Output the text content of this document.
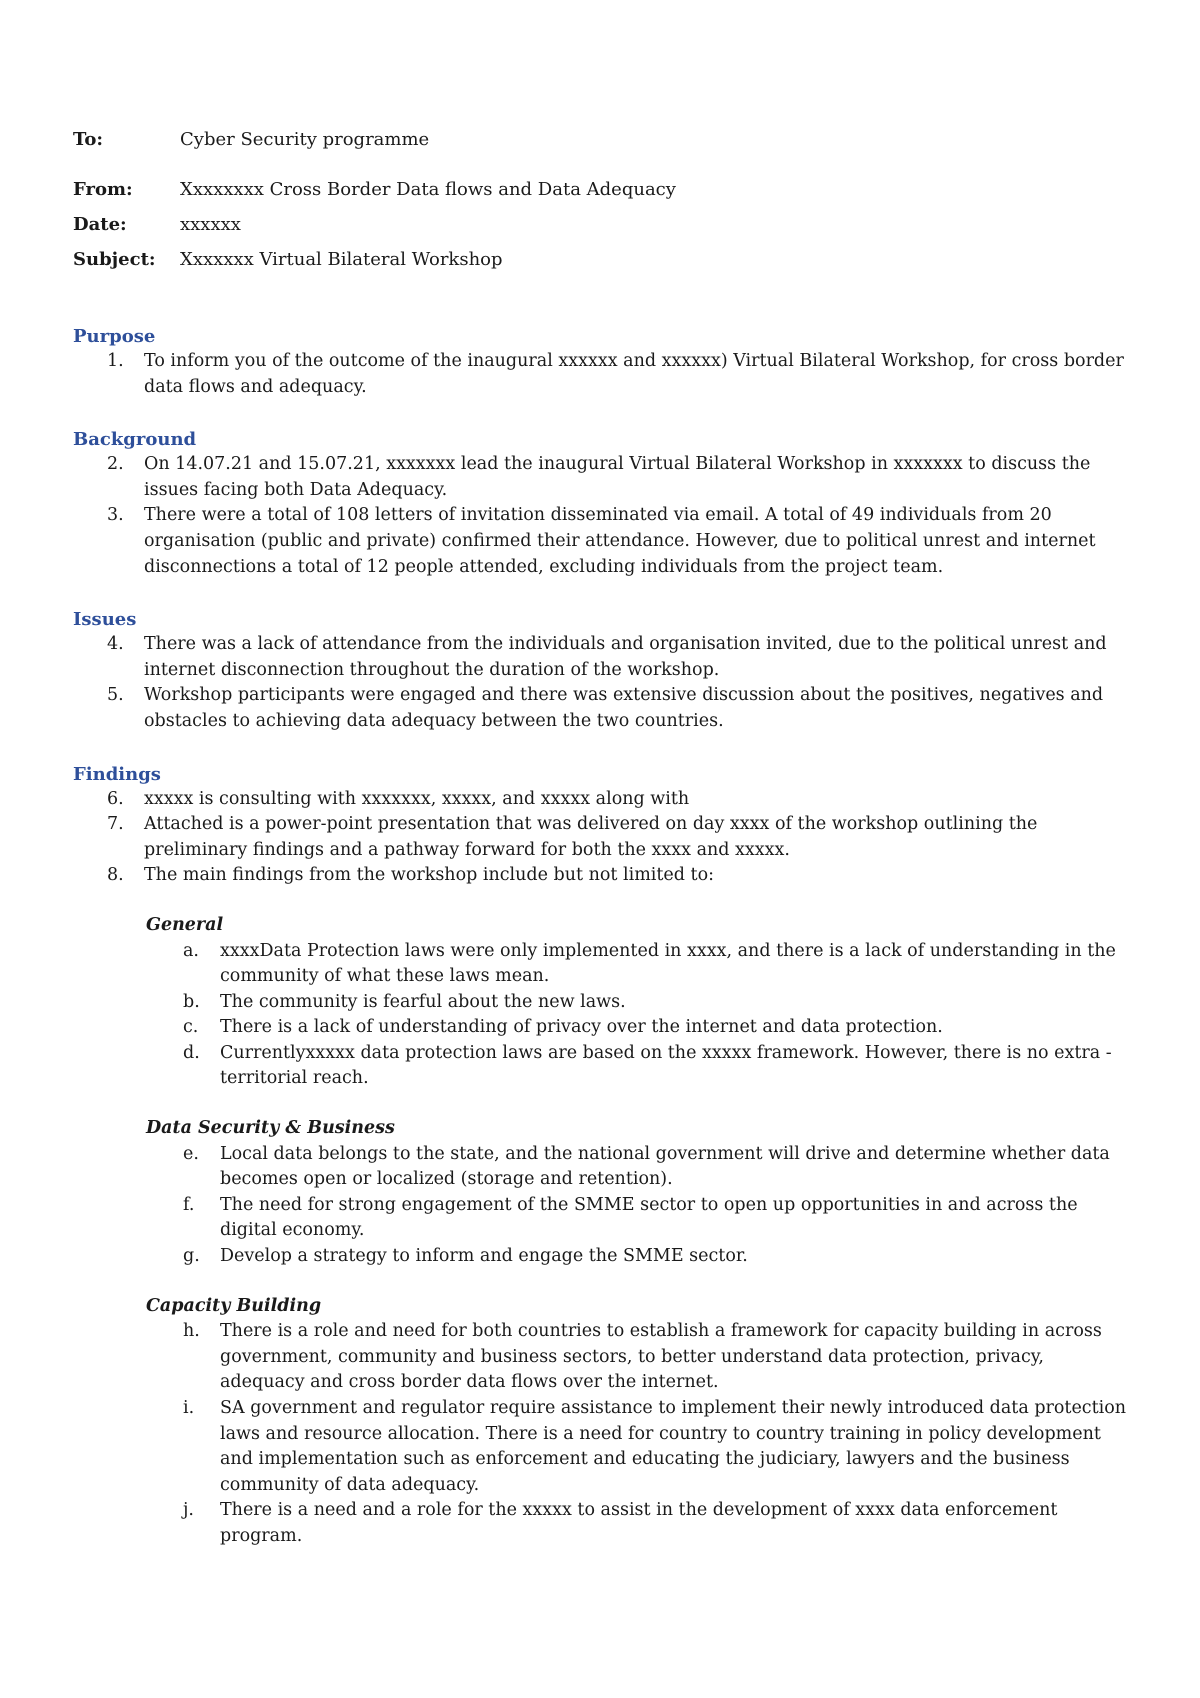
To:	Cyber Security programme
From:	Xxxxxxxx Cross Border Data flows and Data Adequacy
Date:	xxxxxx
Subject:	Xxxxxxx Virtual Bilateral Workshop
Purpose
1.	To inform you of the outcome of the inaugural xxxxxx and xxxxxx) Virtual Bilateral Workshop, for cross border data flows and adequacy.
Background
2.	On 14.07.21 and 15.07.21, xxxxxxx lead the inaugural Virtual Bilateral Workshop in xxxxxxx to discuss the issues facing both Data Adequacy.
3.	There were a total of 108 letters of invitation disseminated via email. A total of 49 individuals from 20 organisation (public and private) confirmed their attendance. However, due to political unrest and internet disconnections a total of 12 people attended, excluding individuals from the project team.
Issues
4.	There was a lack of attendance from the individuals and organisation invited, due to the political unrest and internet disconnection throughout the duration of the workshop.
5.	Workshop participants were engaged and there was extensive discussion about the positives, negatives and obstacles to achieving data adequacy between the two countries.
Findings
6.	xxxxx is consulting with xxxxxxx, xxxxx, and xxxxx along with
7.	Attached is a power-point presentation that was delivered on day xxxx of the workshop outlining the preliminary findings and a pathway forward for both the xxxx and xxxxx.
8.	The main findings from the workshop include but not limited to:
General
a.	xxxxData Protection laws were only implemented in xxxx, and there is a lack of understanding in the community of what these laws mean.
b.	The community is fearful about the new laws.
c.	There is a lack of understanding of privacy over the internet and data protection.
d.	Currentlyxxxxx data protection laws are based on the xxxxx framework. However, there is no extra -territorial reach.
Data Security & Business
e.	Local data belongs to the state, and the national government will drive and determine whether data becomes open or localized (storage and retention).
f.	The need for strong engagement of the SMME sector to open up opportunities in and across the digital economy.
g.	Develop a strategy to inform and engage the SMME sector.
Capacity Building
h.	There is a role and need for both countries to establish a framework for capacity building in across government, community and business sectors, to better understand data protection, privacy, adequacy and cross border data flows over the internet.
i.	SA government and regulator require assistance to implement their newly introduced data protection laws and resource allocation. There is a need for country to country training in policy development and implementation such as enforcement and educating the judiciary, lawyers and the business community of data adequacy.
j.	There is a need and a role for the xxxxx to assist in the development of xxxx data enforcement program.
